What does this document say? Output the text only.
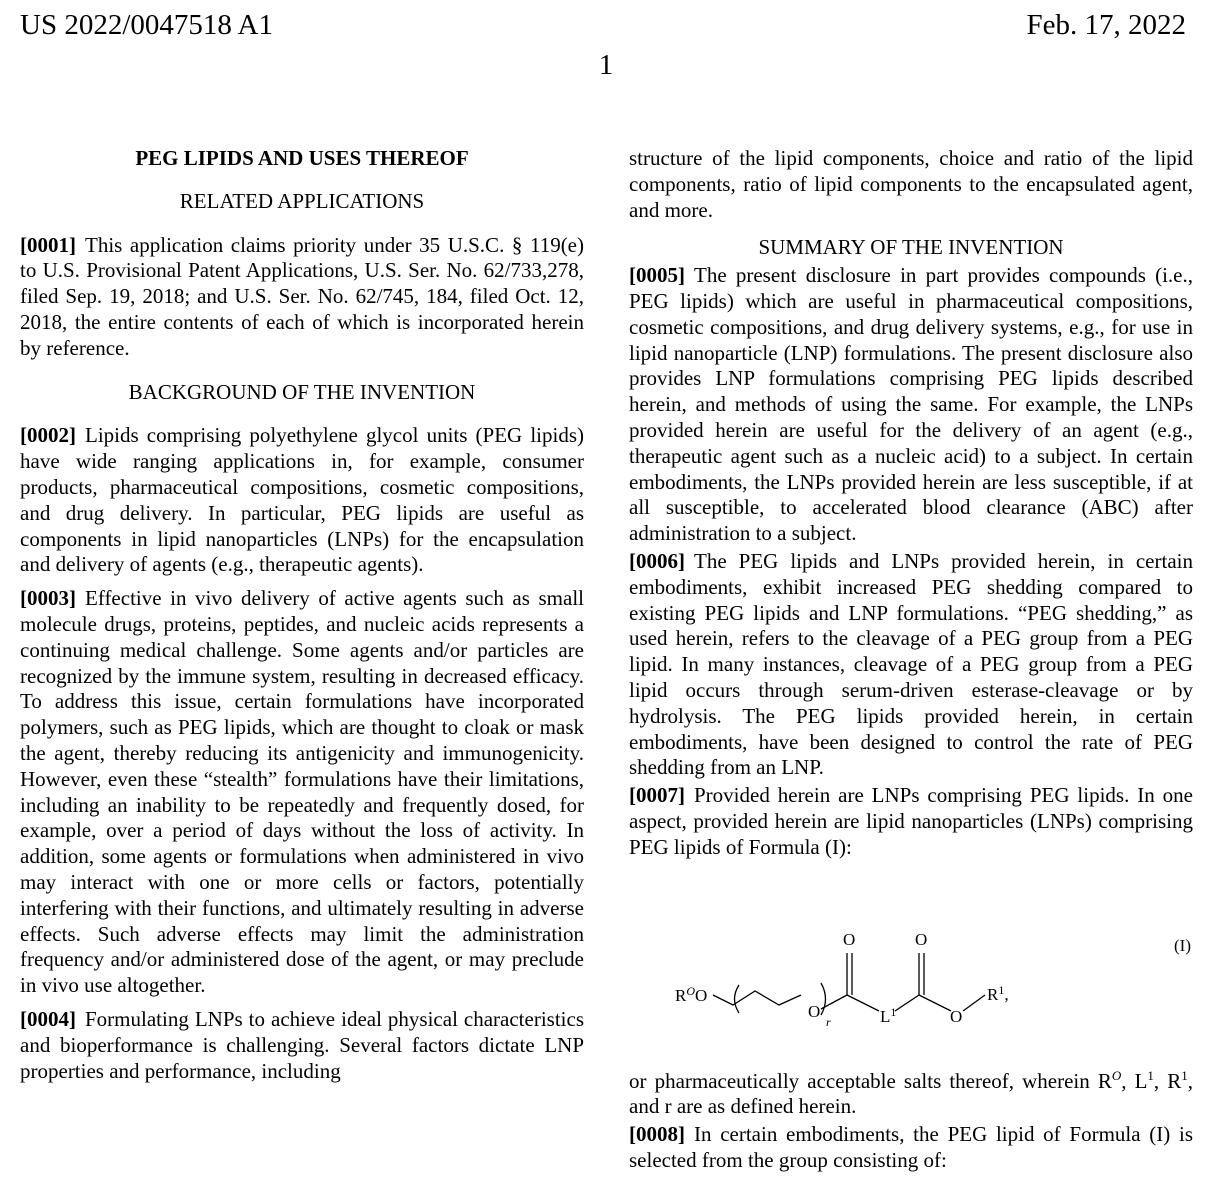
US 2022/0047518 A1	Feb. 17, 2022
1
PEG LIPIDS AND USES THEREOF
RELATED APPLICATIONS

[0001] This application claims priority under 35 U.S.C. § 119(e) to U.S. Provisional Patent Applications, U.S. Ser. No. 62/733,278, filed Sep. 19, 2018; and U.S. Ser. No. 62/745, 184, filed Oct. 12, 2018, the entire contents of each of which is incorporated herein by reference.

BACKGROUND OF THE INVENTION

[0002] Lipids comprising polyethylene glycol units (PEG lipids) have wide ranging applications in, for example, consumer products, pharmaceutical compositions, cosmetic compositions, and drug delivery. In particular, PEG lipids are useful as components in lipid nanoparticles (LNPs) for the encapsulation and delivery of agents (e.g., therapeutic agents).

[0003] Effective in vivo delivery of active agents such as small molecule drugs, proteins, peptides, and nucleic acids represents a continuing medical challenge. Some agents and/or particles are recognized by the immune system, resulting in decreased efficacy. To address this issue, certain formulations have incorporated polymers, such as PEG lipids, which are thought to cloak or mask the agent, thereby reducing its antigenicity and immunogenicity. However, even these “stealth” formulations have their limitations, including an inability to be repeatedly and frequently dosed, for example, over a period of days without the loss of activity. In addition, some agents or formulations when administered in vivo may interact with one or more cells or factors, potentially interfering with their functions, and ultimately resulting in adverse effects. Such adverse effects may limit the administration frequency and/or administered dose of the agent, or may preclude in vivo use altogether.

[0004] Formulating LNPs to achieve ideal physical characteristics and bioperformance is challenging. Several factors dictate LNP properties and performance, including

structure of the lipid components, choice and ratio of the lipid components, ratio of lipid components to the encapsulated agent, and more.

SUMMARY OF THE INVENTION

[0005] The present disclosure in part provides compounds (i.e., PEG lipids) which are useful in pharmaceutical compositions, cosmetic compositions, and drug delivery systems, e.g., for use in lipid nanoparticle (LNP) formulations. The present disclosure also provides LNP formulations comprising PEG lipids described herein, and methods of using the same. For example, the LNPs provided herein are useful for the delivery of an agent (e.g., therapeutic agent such as a nucleic acid) to a subject. In certain embodiments, the LNPs provided herein are less susceptible, if at all susceptible, to accelerated blood clearance (ABC) after administration to a subject.

[0006] The PEG lipids and LNPs provided herein, in certain embodiments, exhibit increased PEG shedding compared to existing PEG lipids and LNP formulations. “PEG shedding,” as used herein, refers to the cleavage of a PEG group from a PEG lipid. In many instances, cleavage of a PEG group from a PEG lipid occurs through serum-driven esterase-cleavage or by hydrolysis. The PEG lipids provided herein, in certain embodiments, have been designed to control the rate of PEG shedding from an LNP.

[0007] Provided herein are LNPs comprising PEG lipids. In one aspect, provided herein are lipid nanoparticles (LNPs) comprising PEG lipids of Formula (I):

(I)
$R^OO$
O
r
O	O
$L^1$	O
$R^1$,

or pharmaceutically acceptable salts thereof, wherein $R^O$, $L^1$, $R^1$, and r are as defined herein.

[0008] In certain embodiments, the PEG lipid of Formula (I) is selected from the group consisting of:
